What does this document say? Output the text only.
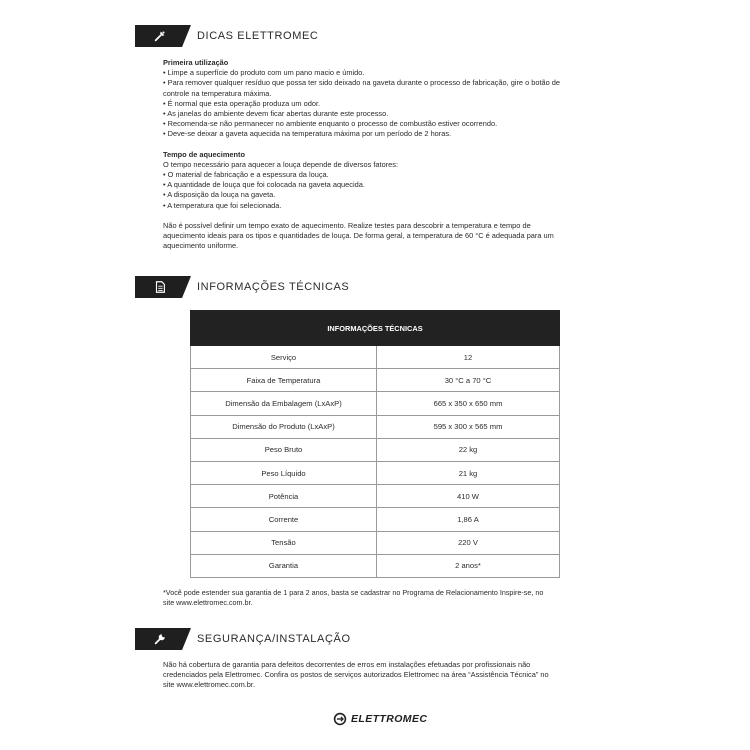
DICAS ELETTROMEC

Primeira utilização

• Limpe a superfície do produto com um pano macio e úmido.

• Para remover qualquer resíduo que possa ter sido deixado na gaveta durante o processo de fabricação, gire o botão de

controle na temperatura máxima.

• É normal que esta operação produza um odor.

• As janelas do ambiente devem ficar abertas durante este processo.

• Recomenda-se não permanecer no ambiente enquanto o processo de combustão estiver ocorrendo.

• Deve-se deixar a gaveta aquecida na temperatura máxima por um período de 2 horas.

Tempo de aquecimento

O tempo necessário para aquecer a louça depende de diversos fatores:

• O material de fabricação e a espessura da louça.

• A quantidade de louça que foi colocada na gaveta aquecida.

• A disposição da louça na gaveta.

• A temperatura que foi selecionada.

Não é possível definir um tempo exato de aquecimento. Realize testes para descobrir a temperatura e tempo de

aquecimento ideais para os tipos e quantidades de louça. De forma geral, a temperatura de 60 °C é adequada para um

aquecimento uniforme.

INFORMAÇÕES TÉCNICAS
INFORMAÇÕES TÉCNICAS	
Serviço	12
Faixa de Temperatura	30 °C a 70 °C
Dimensão da Embalagem (LxAxP)	665 x 350 x 650 mm
Dimensão do Produto (LxAxP)	595 x 300 x 565 mm
Peso Bruto	22 kg
Peso Líquido	21 kg
Potência	410 W
Corrente	1,86 A
Tensão	220 V
Garantia	2 anos*

*Você pode estender sua garantia de 1 para 2 anos, basta se cadastrar no Programa de Relacionamento Inspire-se, no

site www.elettromec.com.br.

SEGURANÇA/INSTALAÇÃO

Não há cobertura de garantia para defeitos decorrentes de erros em instalações efetuadas por profissionais não

credenciados pela Elettromec. Confira os postos de serviços autorizados Elettromec na área “Assistência Técnica” no

site www.elettromec.com.br.

ELETTROMEC
